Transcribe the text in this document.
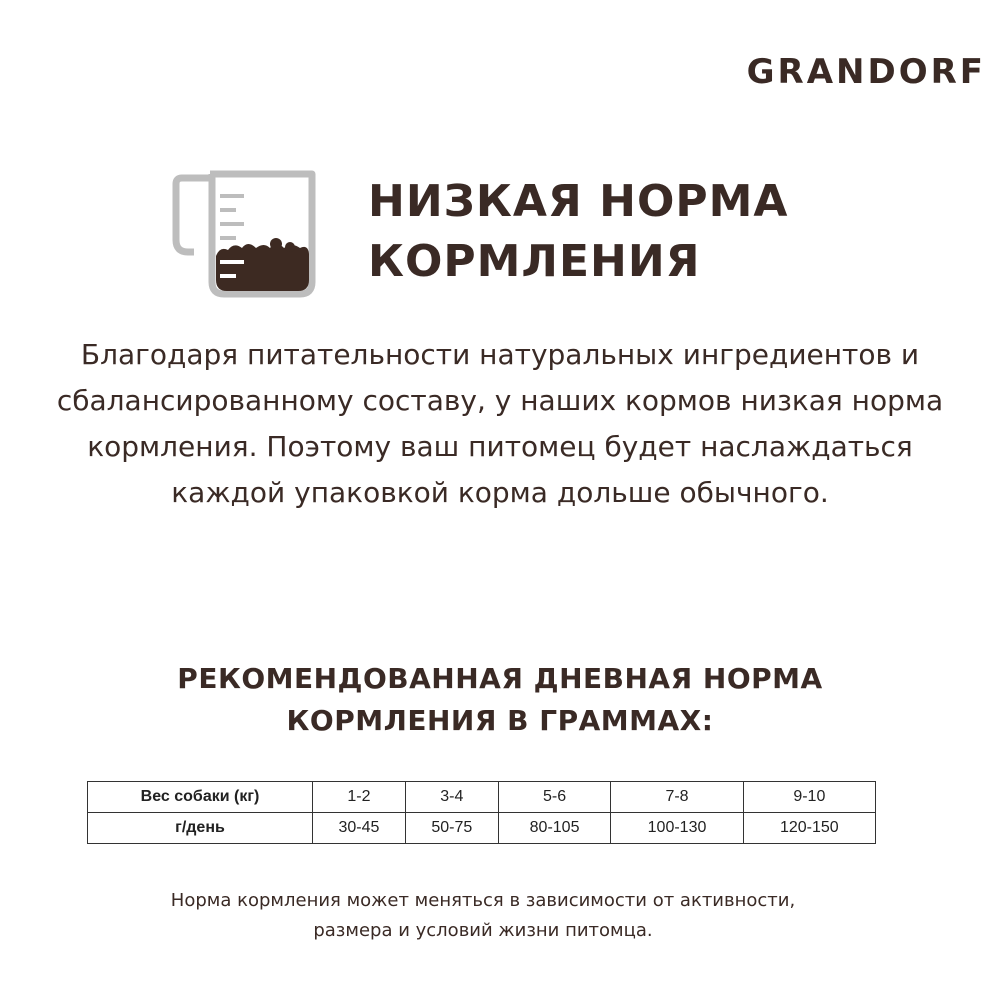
GRANDORF
НИЗКАЯ НОРМА
КОРМЛЕНИЯ
Благодаря питательности натуральных ингредиентов и
сбалансированному составу, у наших кормов низкая норма
кормления. Поэтому ваш питомец будет наслаждаться
каждой упаковкой корма дольше обычного.
РЕКОМЕНДОВАННАЯ ДНЕВНАЯ НОРМА
КОРМЛЕНИЯ В ГРАММАХ:
Вес собаки (кг)	1-2	3-4	5-6	7-8	9-10
г/день	30-45	50-75	80-105	100-130	120-150
Норма кормления может меняться в зависимости от активности,
размера и условий жизни питомца.
